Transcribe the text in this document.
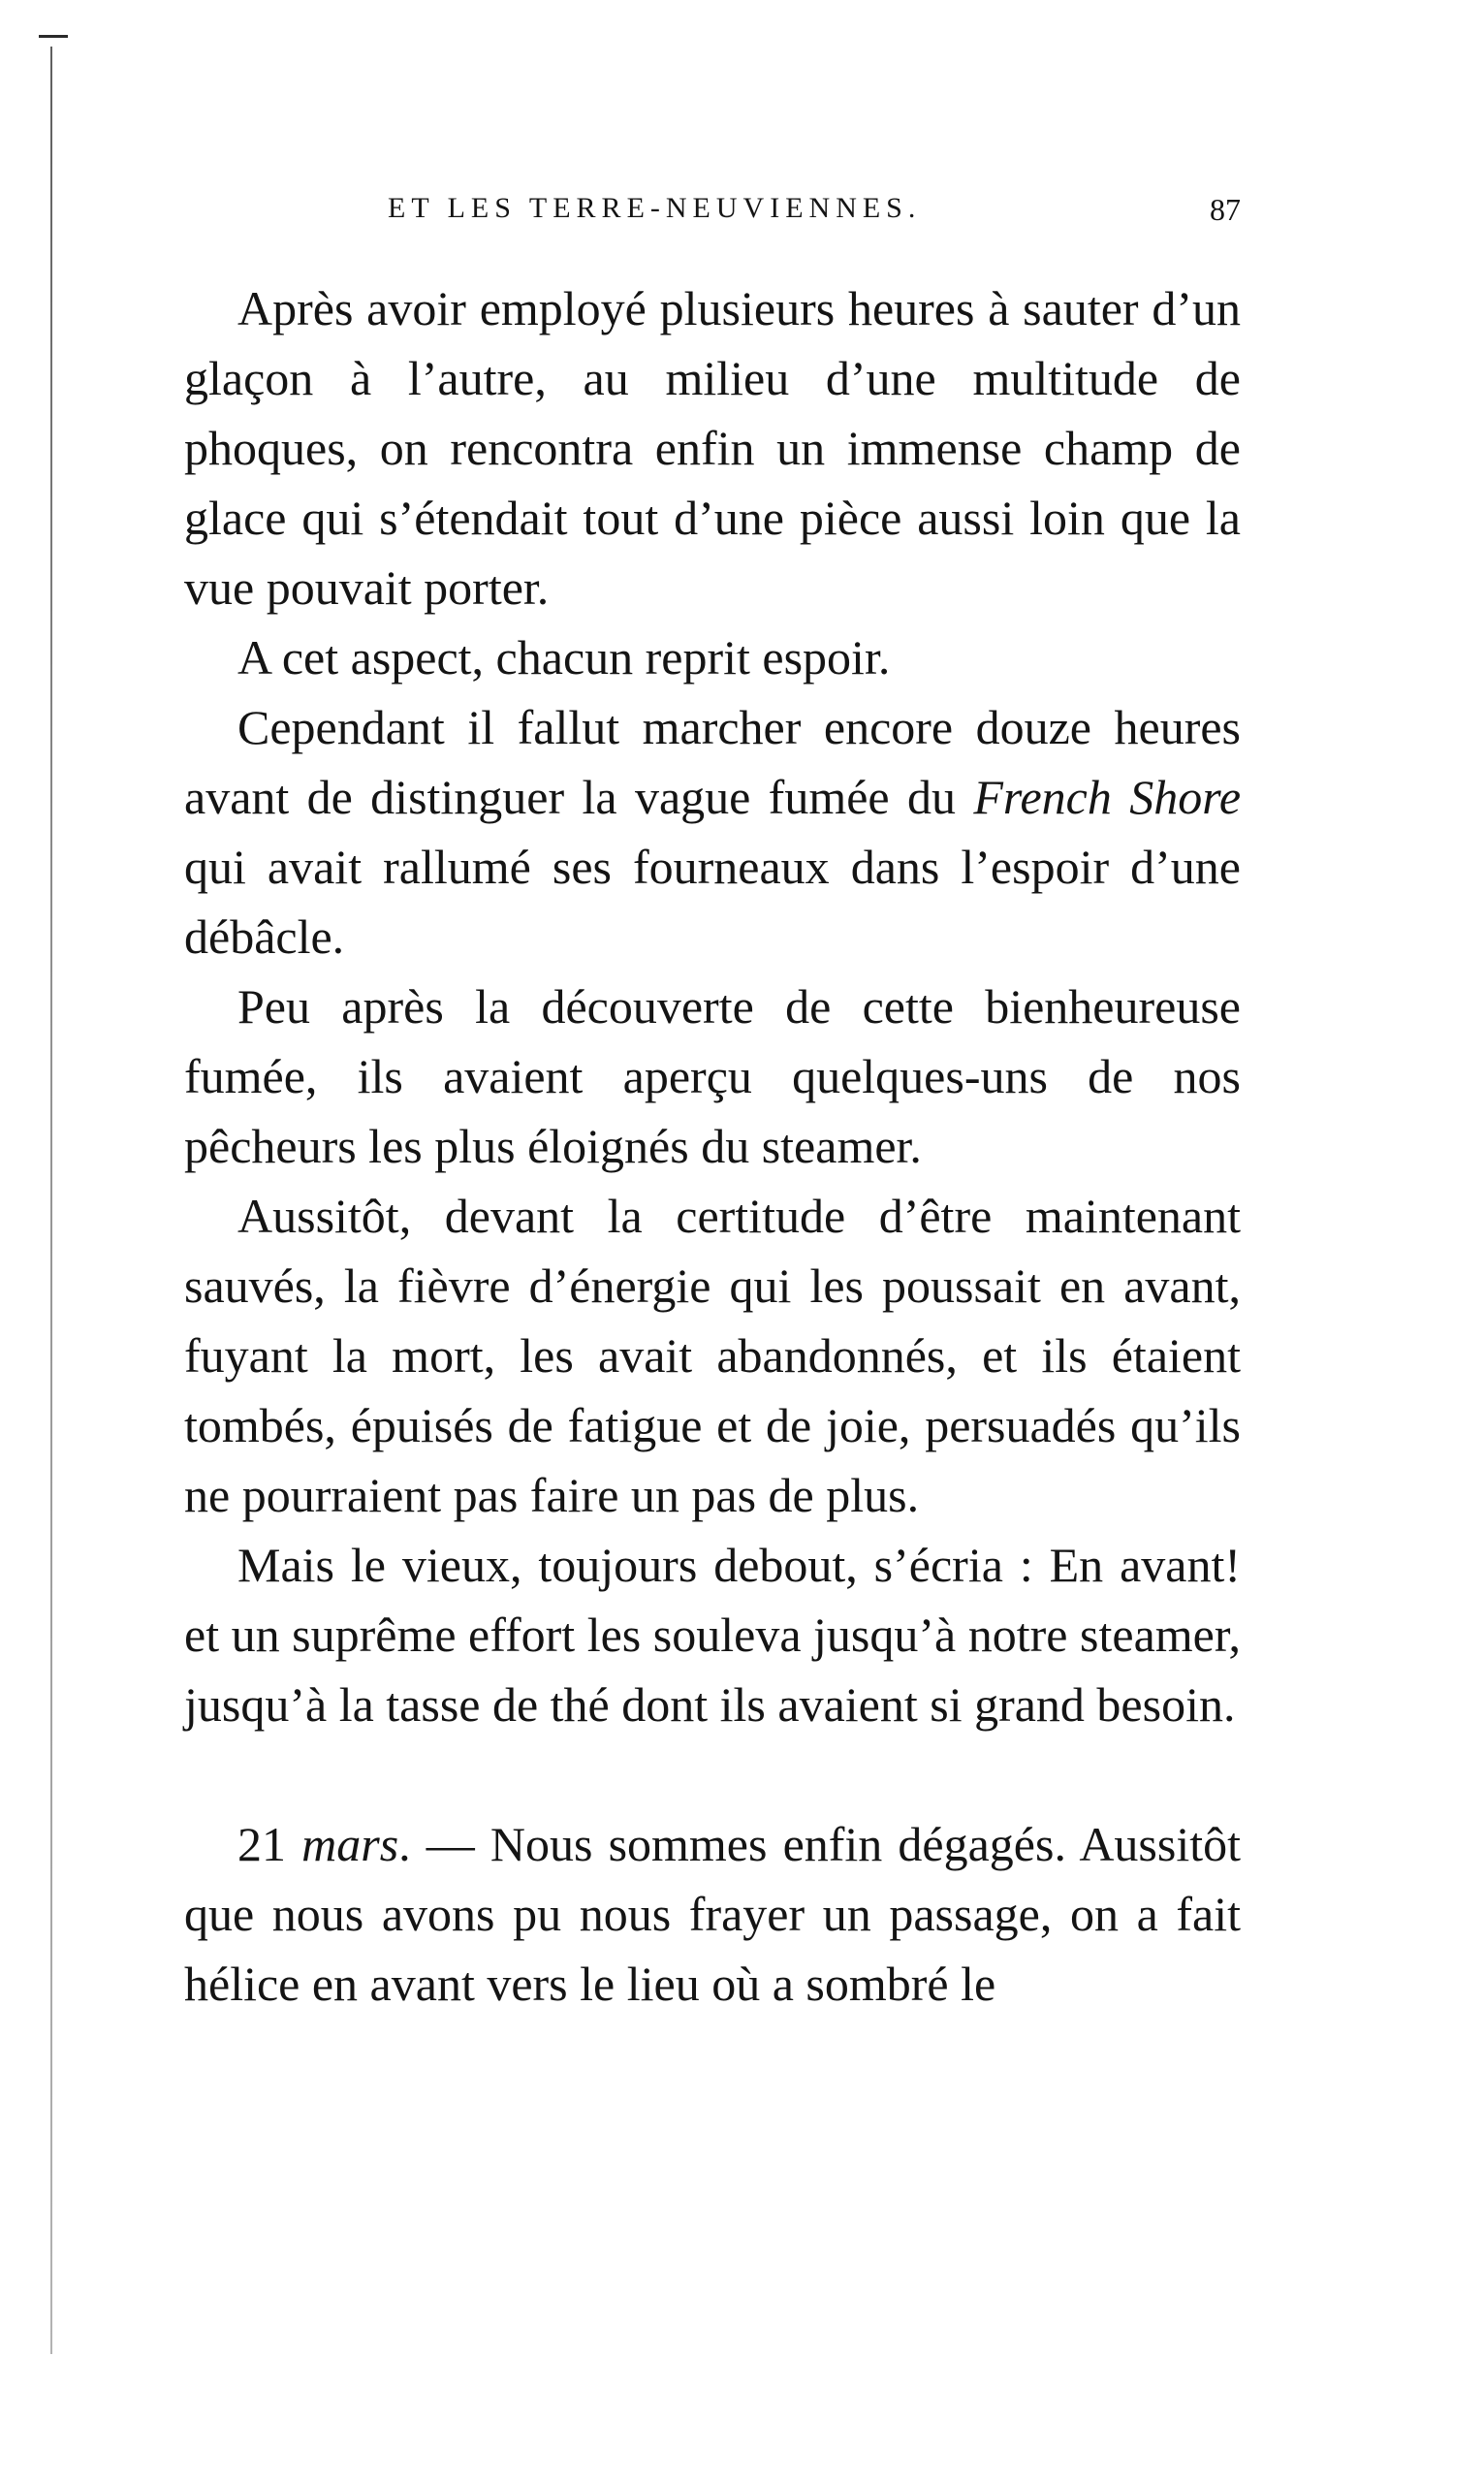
ET LES TERRE-NEUVIENNES.	87

Après avoir employé plusieurs heures à sauter d’un glaçon à l’autre, au milieu d’une multitude de phoques, on rencontra enfin un immense champ de glace qui s’étendait tout d’une pièce aussi loin que la vue pouvait porter.

A cet aspect, chacun reprit espoir.

Cependant il fallut marcher encore douze heures avant de distinguer la vague fumée du French Shore qui avait rallumé ses fourneaux dans l’espoir d’une débâcle.

Peu après la découverte de cette bienheureuse fumée, ils avaient aperçu quelques-uns de nos pêcheurs les plus éloignés du steamer.

Aussitôt, devant la certitude d’être maintenant sauvés, la fièvre d’énergie qui les poussait en avant, fuyant la mort, les avait abandonnés, et ils étaient tombés, épuisés de fatigue et de joie, persuadés qu’ils ne pourraient pas faire un pas de plus.

Mais le vieux, toujours debout, s’écria : En avant! et un suprême effort les souleva jusqu’à notre steamer, jusqu’à la tasse de thé dont ils avaient si grand besoin.

21 mars. — Nous sommes enfin dégagés. Aussitôt que nous avons pu nous frayer un passage, on a fait hélice en avant vers le lieu où a sombré le
